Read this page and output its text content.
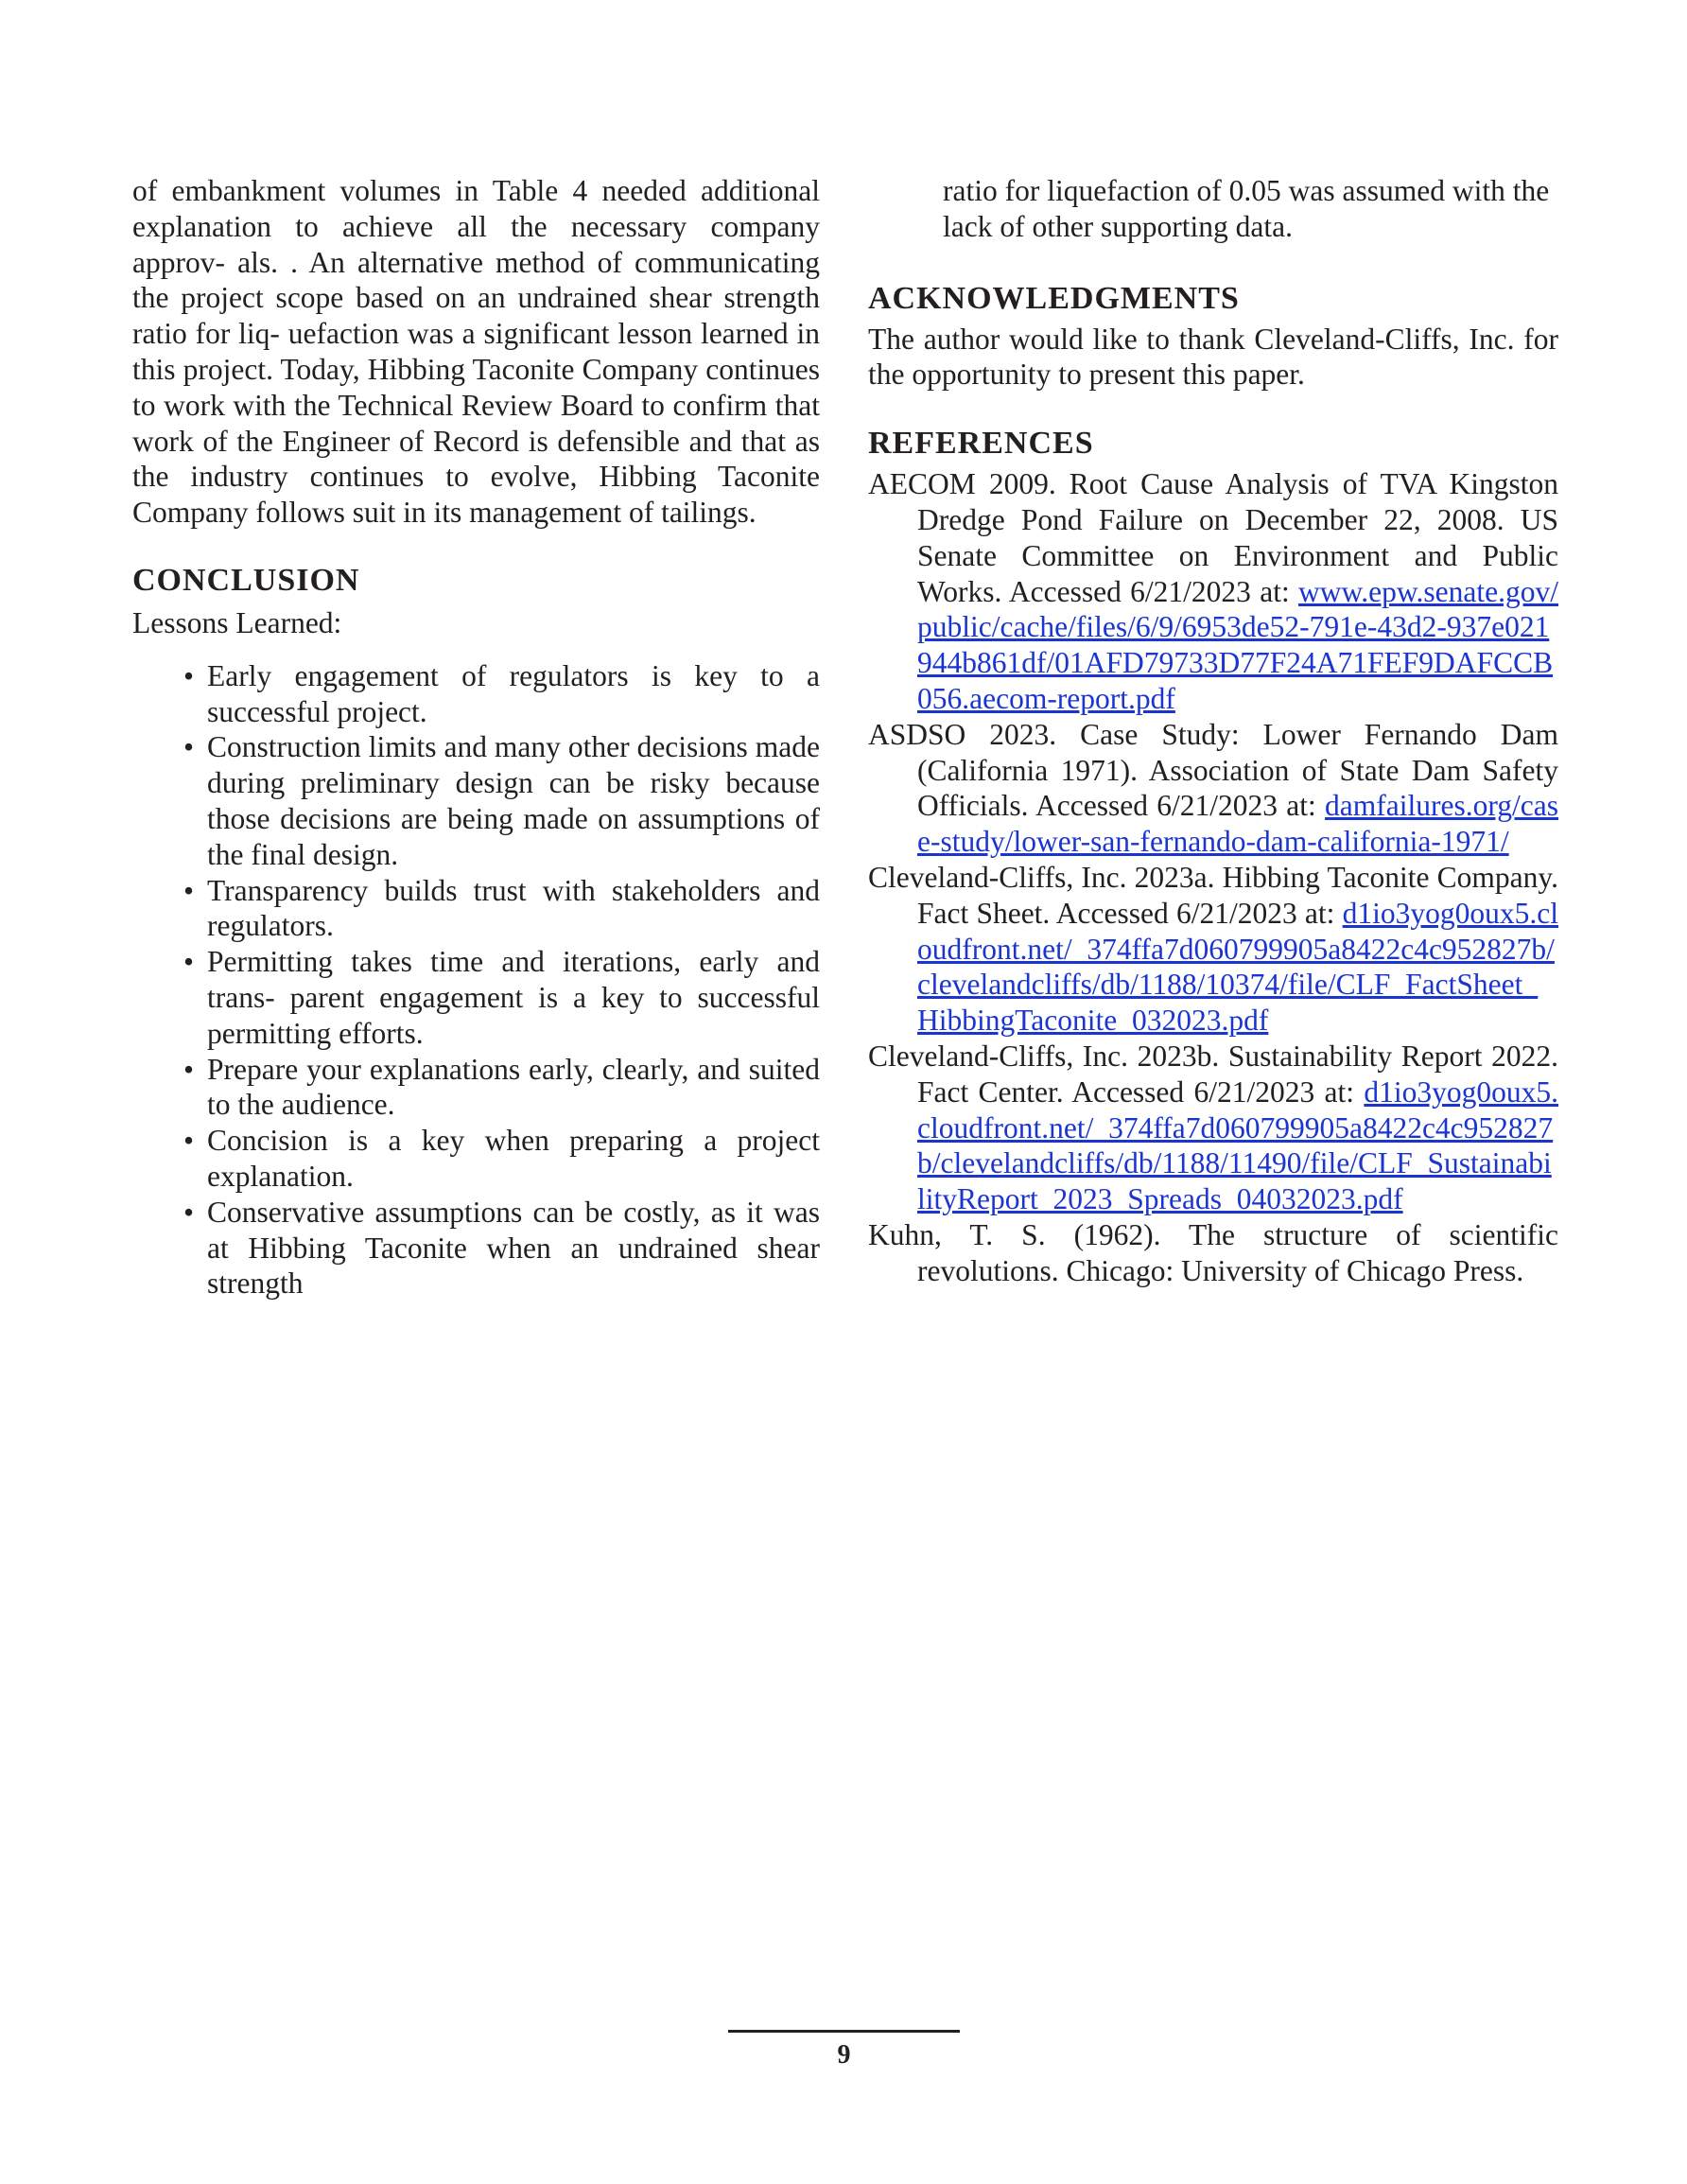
of embankment volumes in Table 4 needed additional explanation to achieve all the necessary company approv- als. . An alternative method of communicating the project scope based on an undrained shear strength ratio for liq- uefaction was a significant lesson learned in this project. Today, Hibbing Taconite Company continues to work with the Technical Review Board to confirm that work of the Engineer of Record is defensible and that as the industry continues to evolve, Hibbing Taconite Company follows suit in its management of tailings.

CONCLUSION

Lessons Learned:

• Early engagement of regulators is key to a successful project.
• Construction limits and many other decisions made during preliminary design can be risky because those decisions are being made on assumptions of the final design.
• Transparency builds trust with stakeholders and regulators.
• Permitting takes time and iterations, early and trans- parent engagement is a key to successful permitting efforts.
• Prepare your explanations early, clearly, and suited to the audience.
• Concision is a key when preparing a project explanation.
• Conservative assumptions can be costly, as it was at Hibbing Taconite when an undrained shear strength

ratio for liquefaction of 0.05 was assumed with the lack of other supporting data.

ACKNOWLEDGMENTS

The author would like to thank Cleveland-Cliffs, Inc. for the opportunity to present this paper.

REFERENCES

AECOM 2009. Root Cause Analysis of TVA Kingston Dredge Pond Failure on December 22, 2008. US Senate Committee on Environment and Public Works. Accessed 6/21/2023 at: www.epw.senate.gov/public/cache/files/6/9/6953de52-791e-43d2-937e021944b861df/01AFD79733D77F24A71FEF9DAFCCB056.aecom-report.pdf

ASDSO 2023. Case Study: Lower Fernando Dam (California 1971). Association of State Dam Safety Officials. Accessed 6/21/2023 at: damfailures.org/case-study/lower-san-fernando-dam-california-1971/

Cleveland-Cliffs, Inc. 2023a. Hibbing Taconite Company. Fact Sheet. Accessed 6/21/2023 at: d1io3yog0oux5.cloudfront.net/_374ffa7d060799905a8422c4c952827b/clevelandcliffs/db/1188/10374/file/CLF_FactSheet_HibbingTaconite_032023.pdf

Cleveland-Cliffs, Inc. 2023b. Sustainability Report 2022. Fact Center. Accessed 6/21/2023 at: d1io3yog0oux5.cloudfront.net/_374ffa7d060799905a8422c4c952827b/clevelandcliffs/db/1188/11490/file/CLF_SustainabilityReport_2023_Spreads_04032023.pdf

Kuhn, T. S. (1962). The structure of scientific revolutions. Chicago: University of Chicago Press.

9
